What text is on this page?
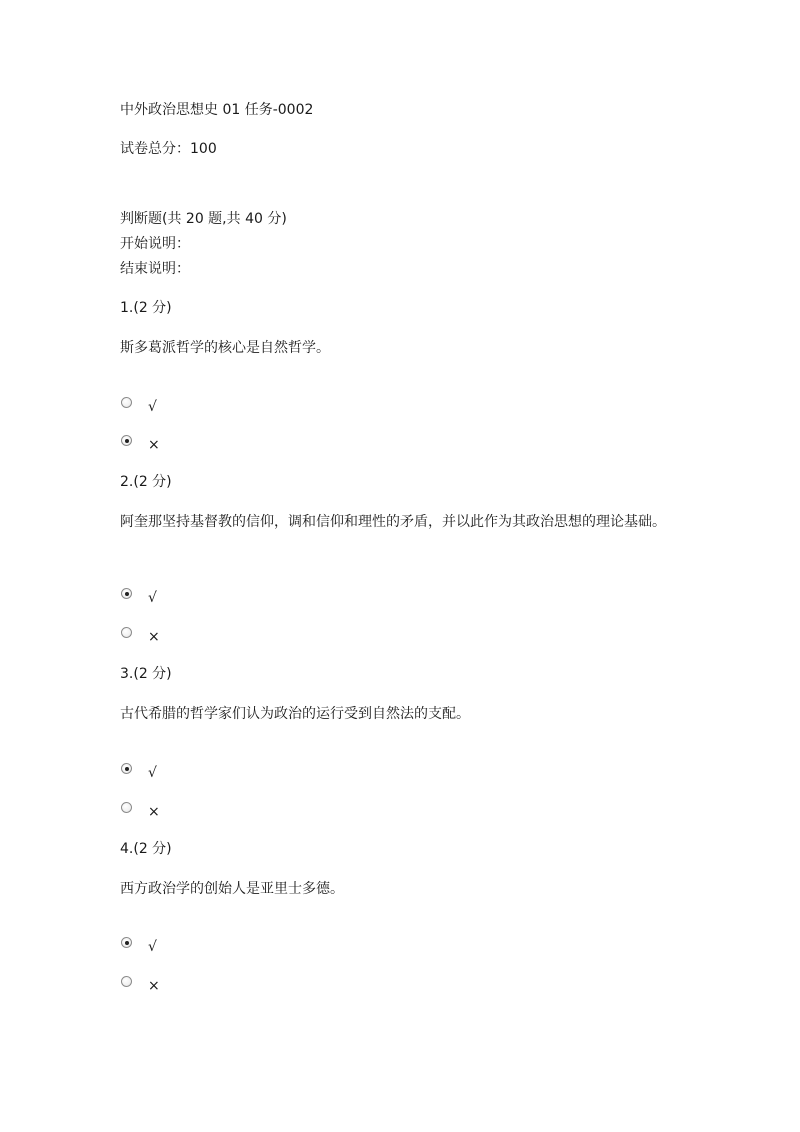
中外政治思想史 01 任务-0002
试卷总分：100
判断题(共 20 题,共 40 分)
开始说明：
结束说明：
1.(2 分)
斯多葛派哲学的核心是自然哲学。
√
×
2.(2 分)
阿奎那坚持基督教的信仰，调和信仰和理性的矛盾，并以此作为其政治思想的理论基础。
√
×
3.(2 分)
古代希腊的哲学家们认为政治的运行受到自然法的支配。
√
×
4.(2 分)
西方政治学的创始人是亚里士多德。
√
×
